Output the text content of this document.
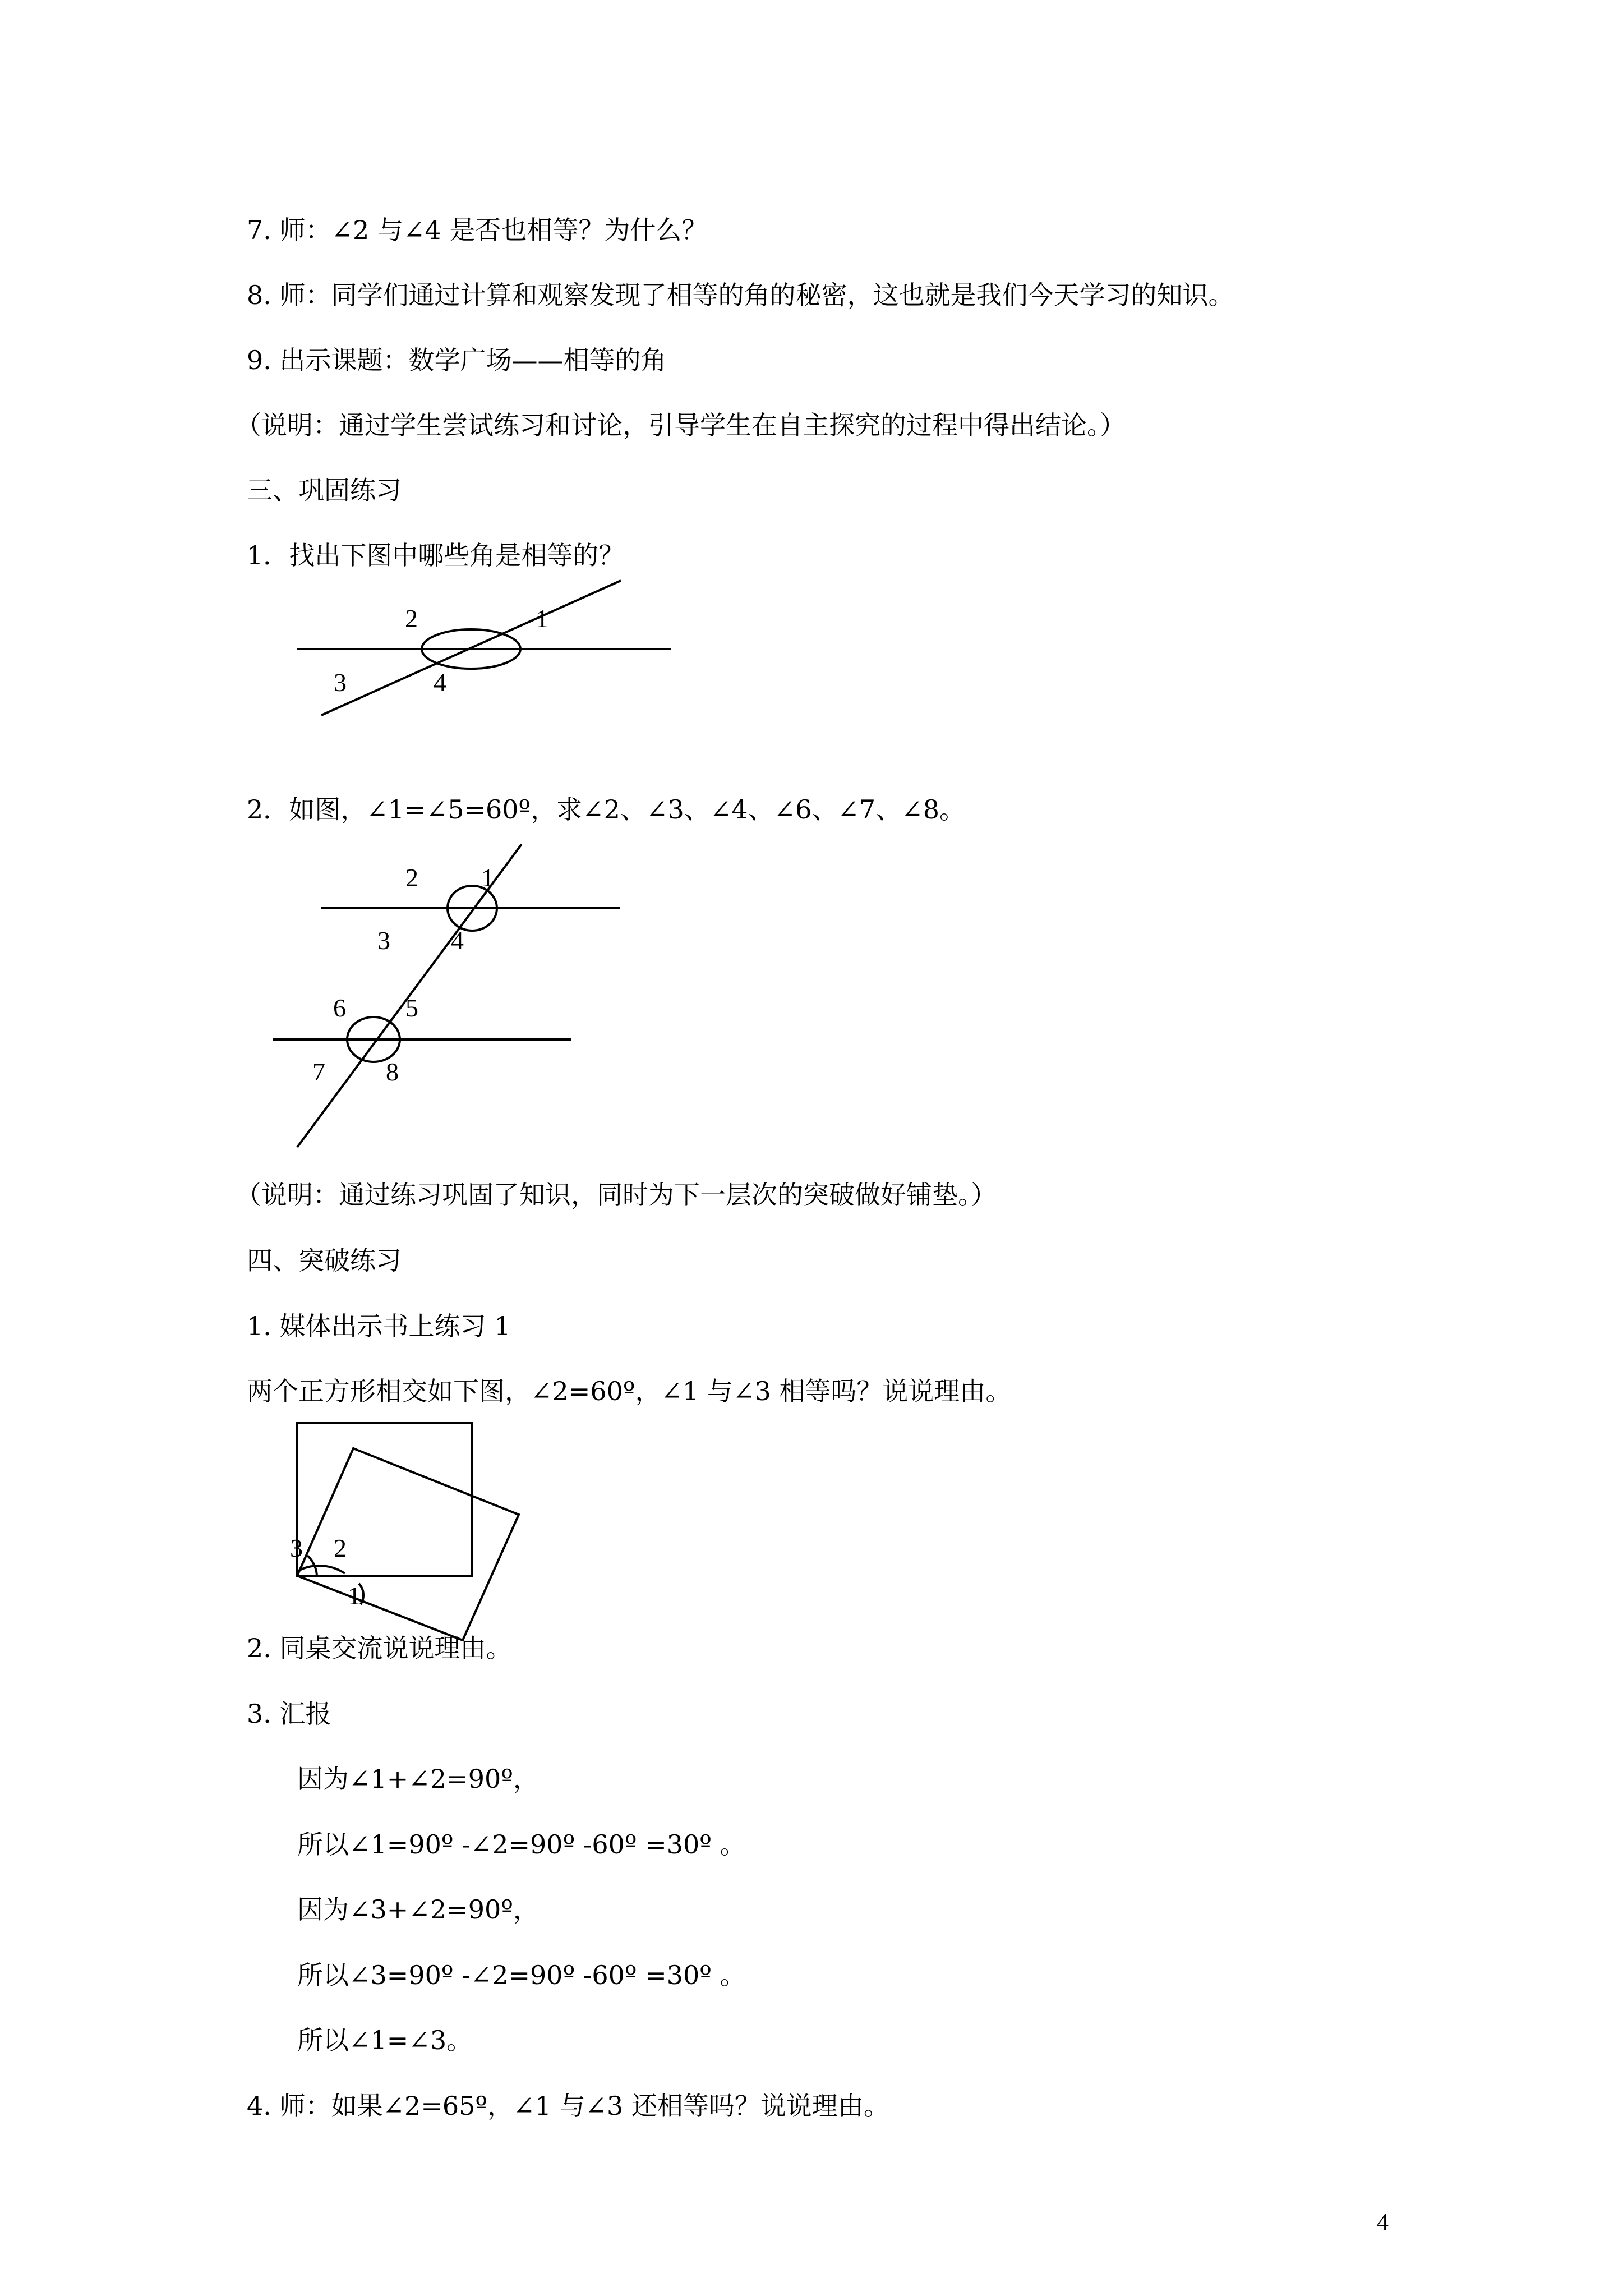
7. 师：∠2 与∠4 是否也相等？为什么？
8. 师：同学们通过计算和观察发现了相等的角的秘密，这也就是我们今天学习的知识。
9. 出示课题：数学广场——相等的角
（说明：通过学生尝试练习和讨论，引导学生在自主探究的过程中得出结论。）
三、巩固练习
1．找出下图中哪些角是相等的？
2．如图，∠1=∠5=60º，求∠2、∠3、∠4、∠6、∠7、∠8。
（说明：通过练习巩固了知识，同时为下一层次的突破做好铺垫。）
四、突破练习
1. 媒体出示书上练习 1
两个正方形相交如下图，∠2=60º，∠1 与∠3 相等吗？说说理由。
2. 同桌交流说说理由。
3. 汇报
因为∠1+∠2=90º，
所以∠1=90º -∠2=90º -60º =30º 。
因为∠3+∠2=90º，
所以∠3=90º -∠2=90º -60º =30º 。
所以∠1=∠3。
4. 师：如果∠2=65º，∠1 与∠3 还相等吗？说说理由。
2	1
3	4
2 1
3 4
6 5
7 8
3 2
1
4
